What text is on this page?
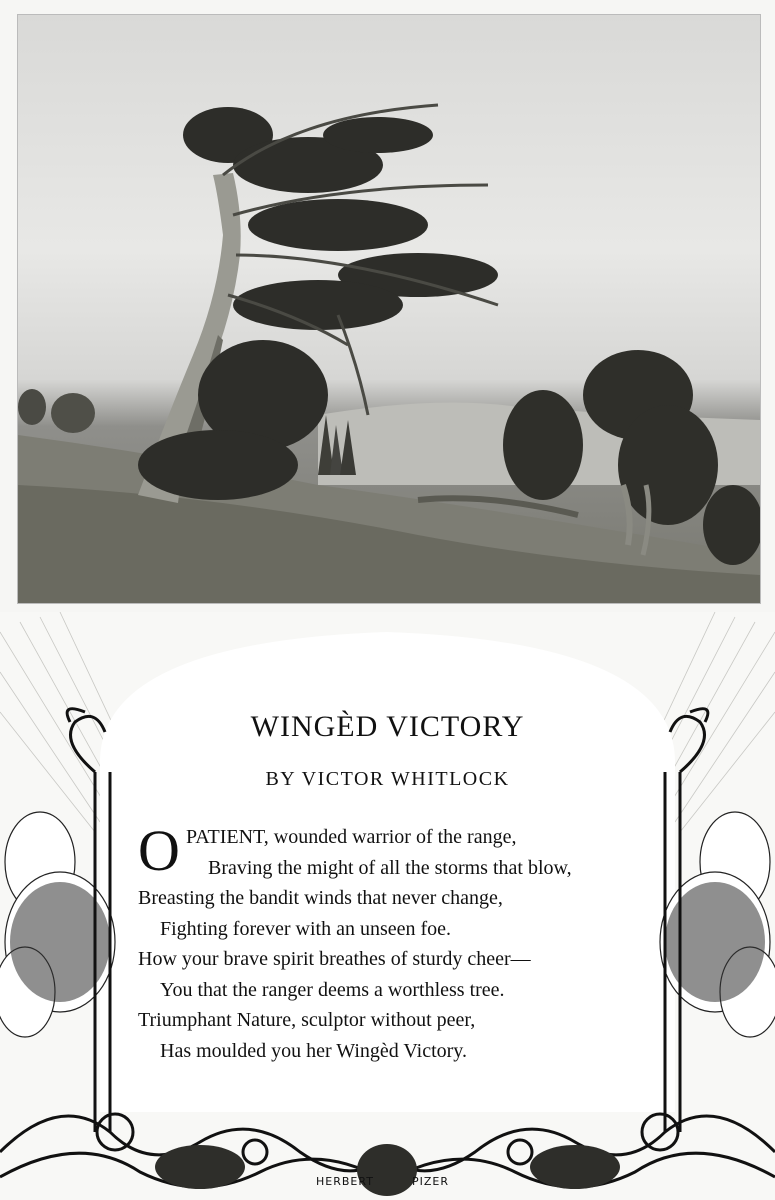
WINGÈD VICTORY
BY VICTOR WHITLOCK
O PATIENT, wounded warrior of the range,
Braving the might of all the storms that blow,
Breasting the bandit winds that never change,
Fighting forever with an unseen foe.
How your brave spirit breathes of sturdy cheer—
You that the ranger deems a worthless tree.
Triumphant Nature, sculptor without peer,
Has moulded you her Wingèd Victory.
HERBERT	PIZER
